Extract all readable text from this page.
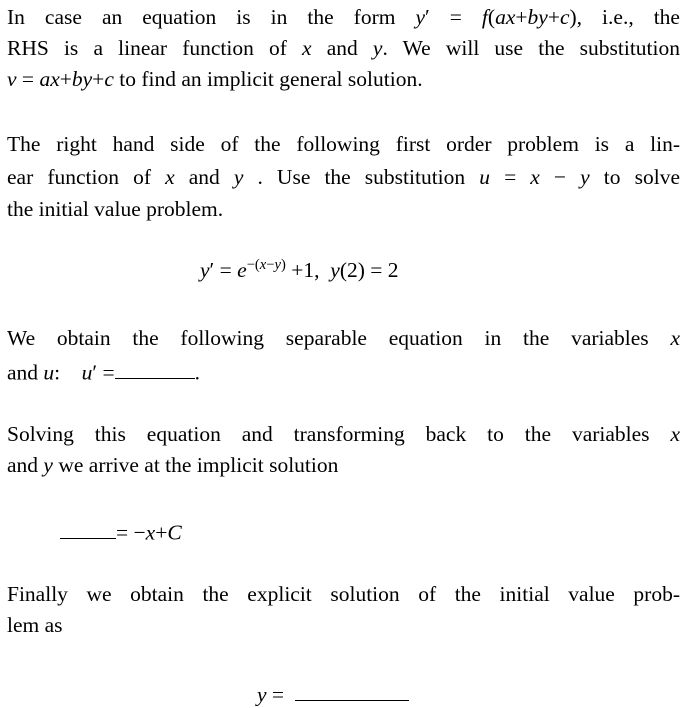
In case an equation is in the form y′ = f(ax+by+c), i.e., the
RHS is a linear function of x and y. We will use the substitution
v = ax+by+c to find an implicit general solution.
The right hand side of the following first order problem is a lin-
ear function of x and y . Use the substitution u = x − y to solve
the initial value problem.
$y' = e^{-(x-y)} +1$,  y(2) = 2
We obtain the following separable equation in the variables x
and u:    u′ =	.
Solving this equation and transforming back to the variables x
and y we arrive at the implicit solution
= −x+C
Finally we obtain the explicit solution of the initial value prob-
lem as
y =
